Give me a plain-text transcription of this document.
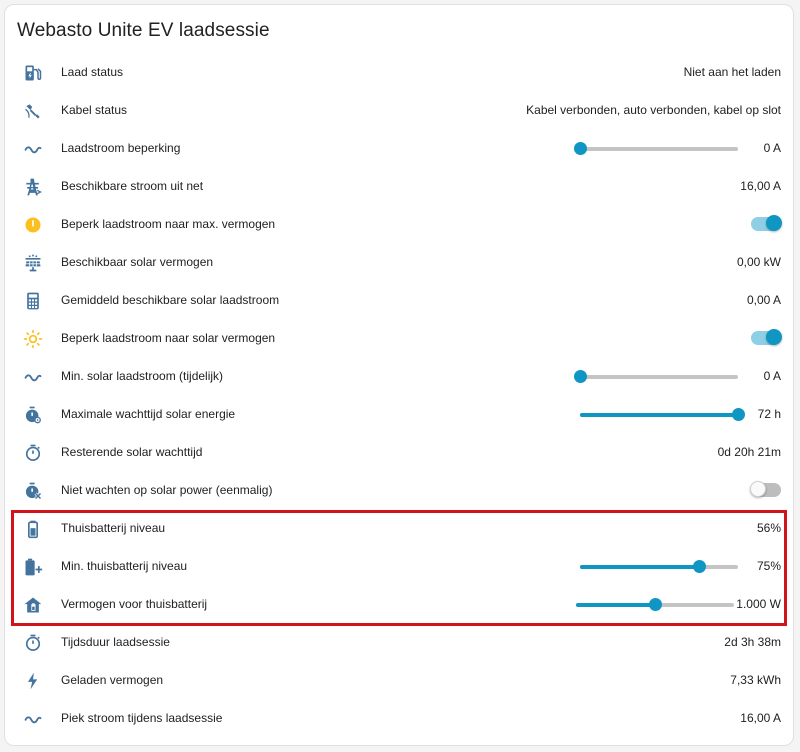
Webasto Unite EV laadsessie
Laad status	Niet aan het laden
Kabel status	Kabel verbonden, auto verbonden, kabel op slot
Laadstroom beperking	0 A
Beschikbare stroom uit net	16,00 A
Beperk laadstroom naar max. vermogen
Beschikbaar solar vermogen	0,00 kW
Gemiddeld beschikbare solar laadstroom	0,00 A
Beperk laadstroom naar solar vermogen
Min. solar laadstroom (tijdelijk)	0 A
Maximale wachttijd solar energie	72 h
Resterende solar wachttijd	0d 20h 21m
Niet wachten op solar power (eenmalig)
Thuisbatterij niveau	56%
Min. thuisbatterij niveau	75%
Vermogen voor thuisbatterij	1.000 W
Tijdsduur laadsessie	2d 3h 38m
Geladen vermogen	7,33 kWh
Piek stroom tijdens laadsessie	16,00 A
